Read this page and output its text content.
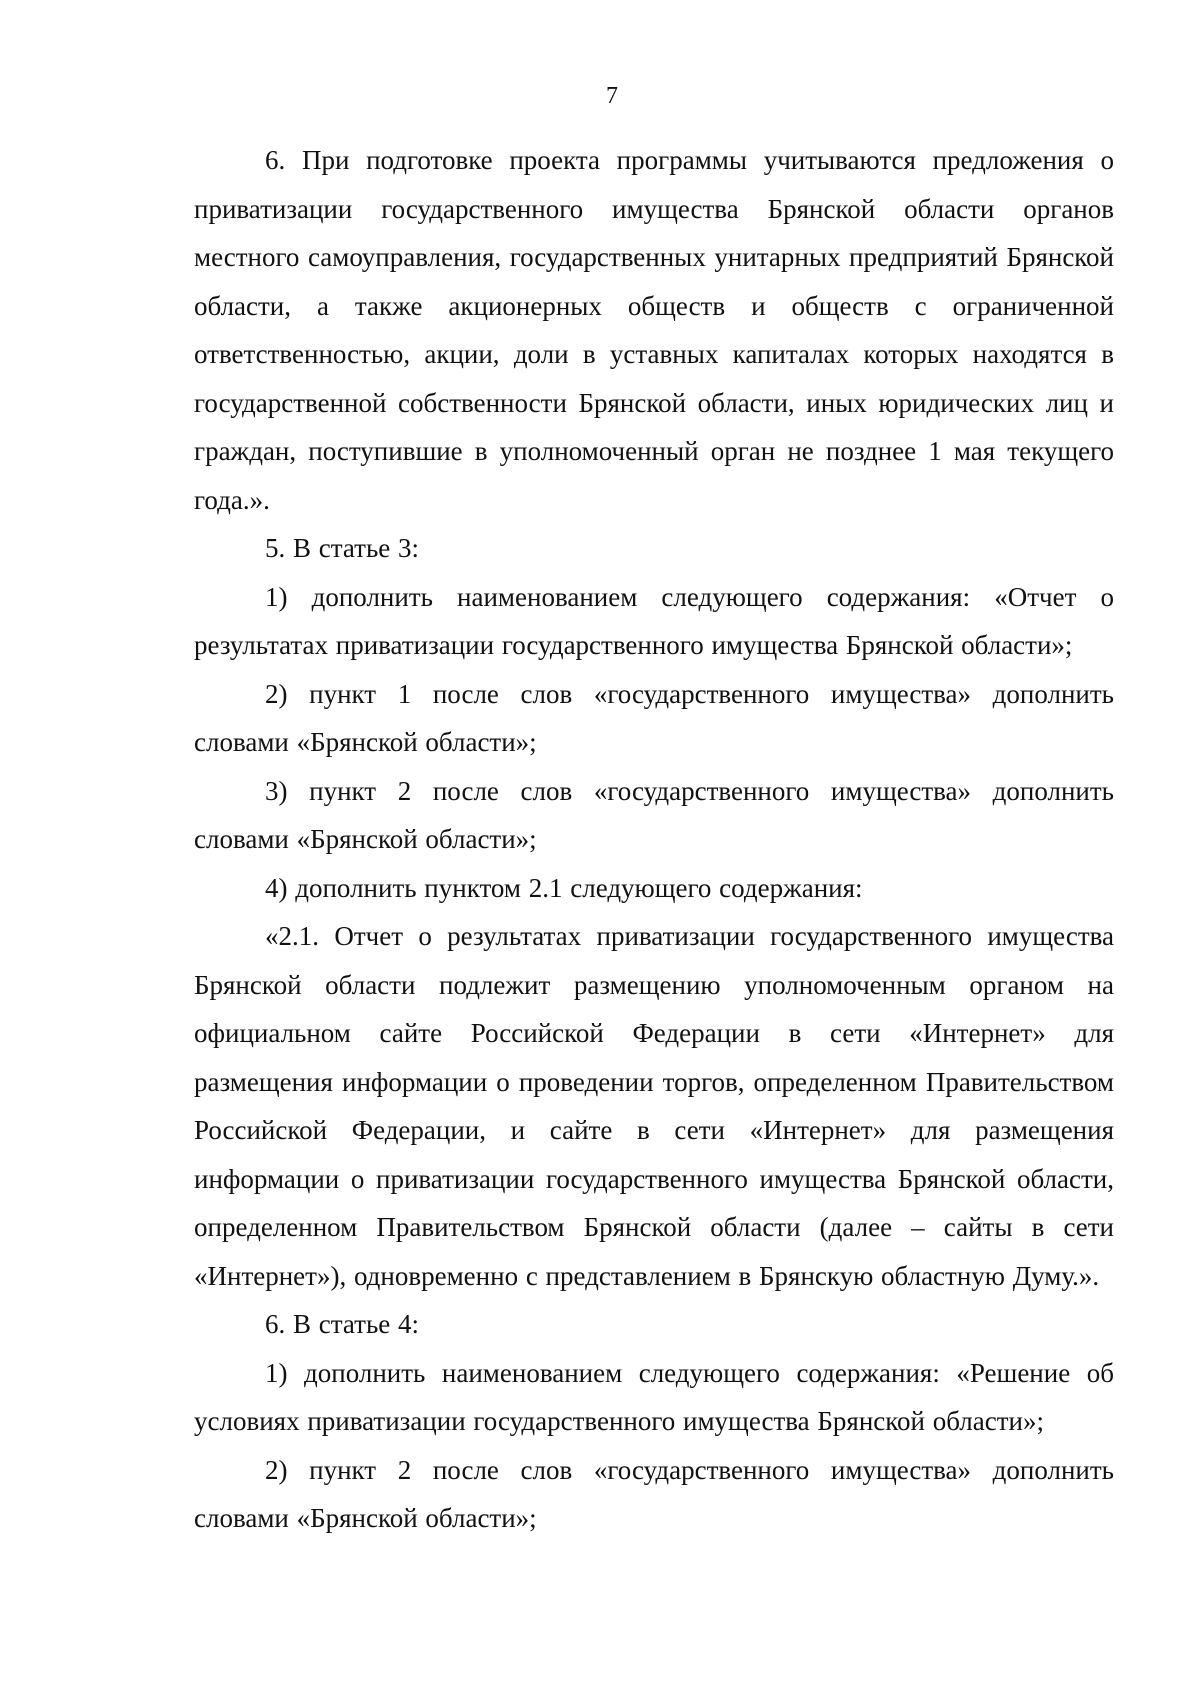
7

6. При подготовке проекта программы учитываются предложения о приватизации государственного имущества Брянской области органов местного самоуправления, государственных унитарных предприятий Брянской области, а также акционерных обществ и обществ с ограниченной ответственностью, акции, доли в уставных капиталах которых находятся в государственной собственности Брянской области, иных юридических лиц и граждан, поступившие в уполномоченный орган не позднее 1 мая текущего года.».

5. В статье 3:

1) дополнить наименованием следующего содержания: «Отчет о результатах приватизации государственного имущества Брянской области»;

2) пункт 1 после слов «государственного имущества» дополнить словами «Брянской области»;

3) пункт 2 после слов «государственного имущества» дополнить словами «Брянской области»;

4) дополнить пунктом 2.1 следующего содержания:

«2.1. Отчет о результатах приватизации государственного имущества Брянской области подлежит размещению уполномоченным органом на официальном сайте Российской Федерации в сети «Интернет» для размещения информации о проведении торгов, определенном Правительством Российской Федерации, и сайте в сети «Интернет» для размещения информации о приватизации государственного имущества Брянской области, определенном Правительством Брянской области (далее – сайты в сети «Интернет»), одновременно с представлением в Брянскую областную Думу.».

6. В статье 4:

1) дополнить наименованием следующего содержания: «Решение об условиях приватизации государственного имущества Брянской области»;

2) пункт 2 после слов «государственного имущества» дополнить словами «Брянской области»;
